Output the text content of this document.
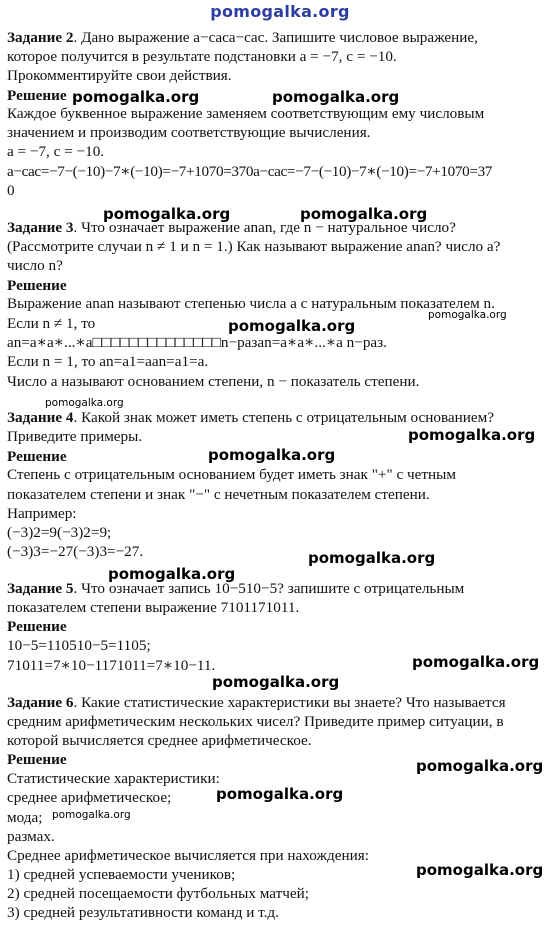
pomogalka.org
Задание 2. Дано выражение a−caca−cac. Запишите числовое выражение,
которое получится в результате подстановки a = −7, c = −10.
Прокомментируйте свои действия.
Решение
Каждое буквенное выражение заменяем соответствующим ему числовым
значением и производим соответствующие вычисления.
a = −7, c = −10.
a−cac=−7−(−10)−7∗(−10)=−7+1070=370a−cac=−7−(−10)−7∗(−10)=−7+1070=37
0
Задание 3. Что означает выражение anan, где n − натуральное число?
(Рассмотрите случаи n ≠ 1 и n = 1.) Как называют выражение anan? число a?
число n?
Решение
Выражение anan называют степенью числа a с натуральным показателем n.
Если n ≠ 1, то
an=a∗a∗...∗a□□□□□□□□□□□□□□n−разan=a∗a∗...∗a n−раз.
Если n = 1, то an=a1=aan=a1=a.
Число a называют основанием степени, n − показатель степени.
Задание 4. Какой знак может иметь степень с отрицательным основанием?
Приведите примеры.
Решение
Степень с отрицательным основанием будет иметь знак "+" с четным
показателем степени и знак "−" с нечетным показателем степени.
Например:
(−3)2=9(−3)2=9;
(−3)3=−27(−3)3=−27.
Задание 5. Что означает запись 10−510−5? запишите с отрицательным
показателем степени выражение 7101171011.
Решение
10−5=110510−5=1105;
71011=7∗10−1171011=7∗10−11.
Задание 6. Какие статистические характеристики вы знаете? Что называется
средним арифметическим нескольких чисел? Приведите пример ситуации, в
которой вычисляется среднее арифметическое.
Решение
Статистические характеристики:
среднее арифметическое;
мода;
размах.
Среднее арифметическое вычисляется при нахождения:
1) средней успеваемости учеников;
2) средней посещаемости футбольных матчей;
3) средней результативности команд и т.д.
pomogalka.org	pomogalka.org
pomogalka.org	pomogalka.org
pomogalka.org
pomogalka.org
pomogalka.org
pomogalka.org
pomogalka.org
pomogalka.org
pomogalka.org
pomogalka.org
pomogalka.org
pomogalka.org
pomogalka.org
pomogalka.org
pomogalka.org
